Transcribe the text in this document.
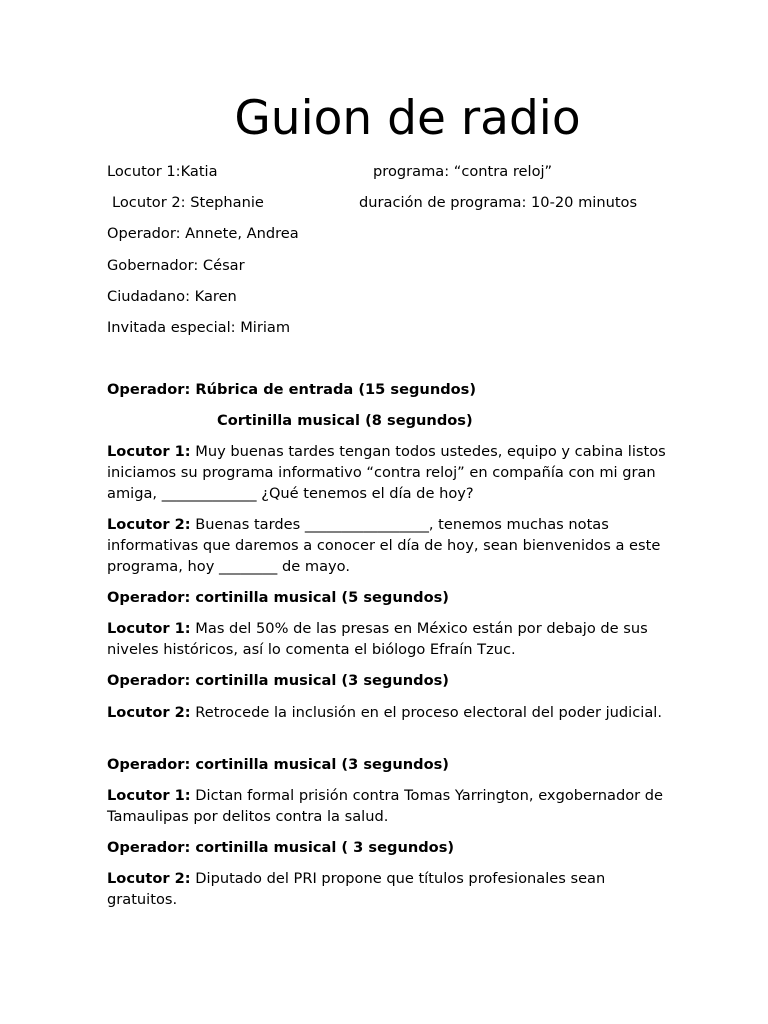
Guion de radio
Locutor 1:Katia
Locutor 2: Stephanie
Operador: Annete, Andrea
Gobernador: César
Ciudadano: Karen
Invitada especial: Miriam
programa: “contra reloj”
duración de programa: 10-20 minutos
Operador: Rúbrica de entrada (15 segundos)
Cortinilla musical (8 segundos)
Locutor 1: Muy buenas tardes tengan todos ustedes, equipo y cabina listos iniciamos su programa informativo “contra reloj” en compañía con mi gran amiga, _____________ ¿Qué tenemos el día de hoy?
Locutor 2: Buenas tardes _________________, tenemos muchas notas informativas que daremos a conocer el día de hoy, sean bienvenidos a este programa, hoy ________ de mayo.
Operador: cortinilla musical (5 segundos)
Locutor 1: Mas del 50% de las presas en México están por debajo de sus niveles históricos, así lo comenta el biólogo Efraín Tzuc.
Operador: cortinilla musical (3 segundos)
Locutor 2: Retrocede la inclusión en el proceso electoral del poder judicial.
Operador: cortinilla musical (3 segundos)
Locutor 1: Dictan formal prisión contra Tomas Yarrington, exgobernador de Tamaulipas por delitos contra la salud.
Operador: cortinilla musical ( 3 segundos)
Locutor 2: Diputado del PRI propone que títulos profesionales sean gratuitos.
